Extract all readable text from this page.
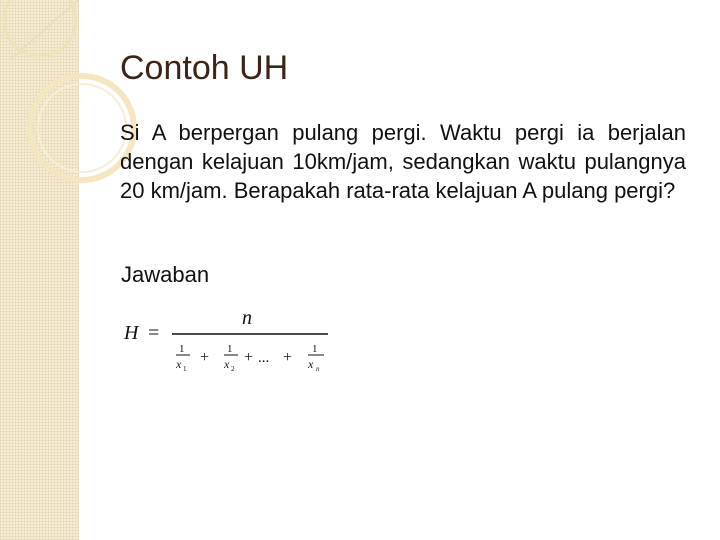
Contoh UH

Si A berpergan pulang pergi. Waktu pergi ia berjalan dengan kelajuan 10km/jam, sedangkan waktu pulangnya 20 km/jam. Berapakah rata-rata kelajuan A pulang pergi?

Jawaban
H =
n
1
x 1
+ 1
x 2
+ ... + 1
x n
